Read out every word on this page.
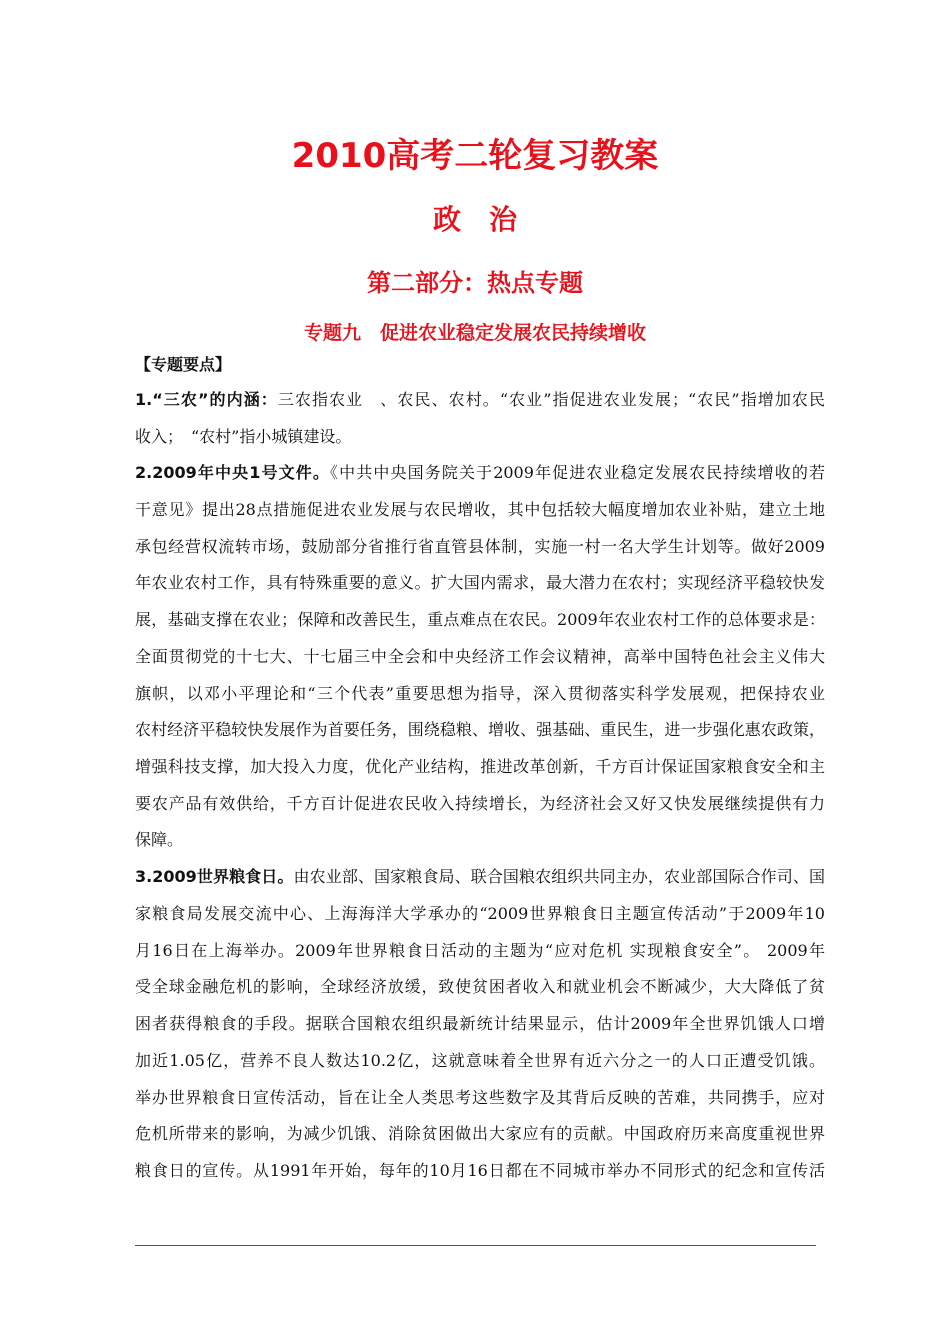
2010高考二轮复习教案
政治
第二部分：热点专题
专题九　促进农业稳定发展农民持续增收
【专题要点】
1.“三农”的内涵：三农指农业　、农民、农村。“农业”指促进农业发展；“农民”指增加农民
收入；　“农村”指小城镇建设。
2.2009年中央1号文件。《中共中央国务院关于2009年促进农业稳定发展农民持续增收的若
干意见》提出28点措施促进农业发展与农民增收，其中包括较大幅度增加农业补贴，建立土地
承包经营权流转市场，鼓励部分省推行省直管县体制，实施一村一名大学生计划等。做好2009
年农业农村工作，具有特殊重要的意义。扩大国内需求，最大潜力在农村；实现经济平稳较快发
展，基础支撑在农业；保障和改善民生，重点难点在农民。2009年农业农村工作的总体要求是：
全面贯彻党的十七大、十七届三中全会和中央经济工作会议精神，高举中国特色社会主义伟大
旗帜，以邓小平理论和“三个代表”重要思想为指导，深入贯彻落实科学发展观，把保持农业
农村经济平稳较快发展作为首要任务，围绕稳粮、增收、强基础、重民生，进一步强化惠农政策，
增强科技支撑，加大投入力度，优化产业结构，推进改革创新，千方百计保证国家粮食安全和主
要农产品有效供给，千方百计促进农民收入持续增长，为经济社会又好又快发展继续提供有力
保障。
3.2009世界粮食日。由农业部、国家粮食局、联合国粮农组织共同主办，农业部国际合作司、国
家粮食局发展交流中心、上海海洋大学承办的“2009世界粮食日主题宣传活动”于2009年10
月16日在上海举办。2009年世界粮食日活动的主题为“应对危机 实现粮食安全”。 2009年
受全球金融危机的影响，全球经济放缓，致使贫困者收入和就业机会不断减少，大大降低了贫
困者获得粮食的手段。据联合国粮农组织最新统计结果显示，估计2009年全世界饥饿人口增
加近1.05亿，营养不良人数达10.2亿，这就意味着全世界有近六分之一的人口正遭受饥饿。
举办世界粮食日宣传活动，旨在让全人类思考这些数字及其背后反映的苦难，共同携手，应对
危机所带来的影响，为减少饥饿、消除贫困做出大家应有的贡献。中国政府历来高度重视世界
粮食日的宣传。从1991年开始，每年的10月16日都在不同城市举办不同形式的纪念和宣传活
